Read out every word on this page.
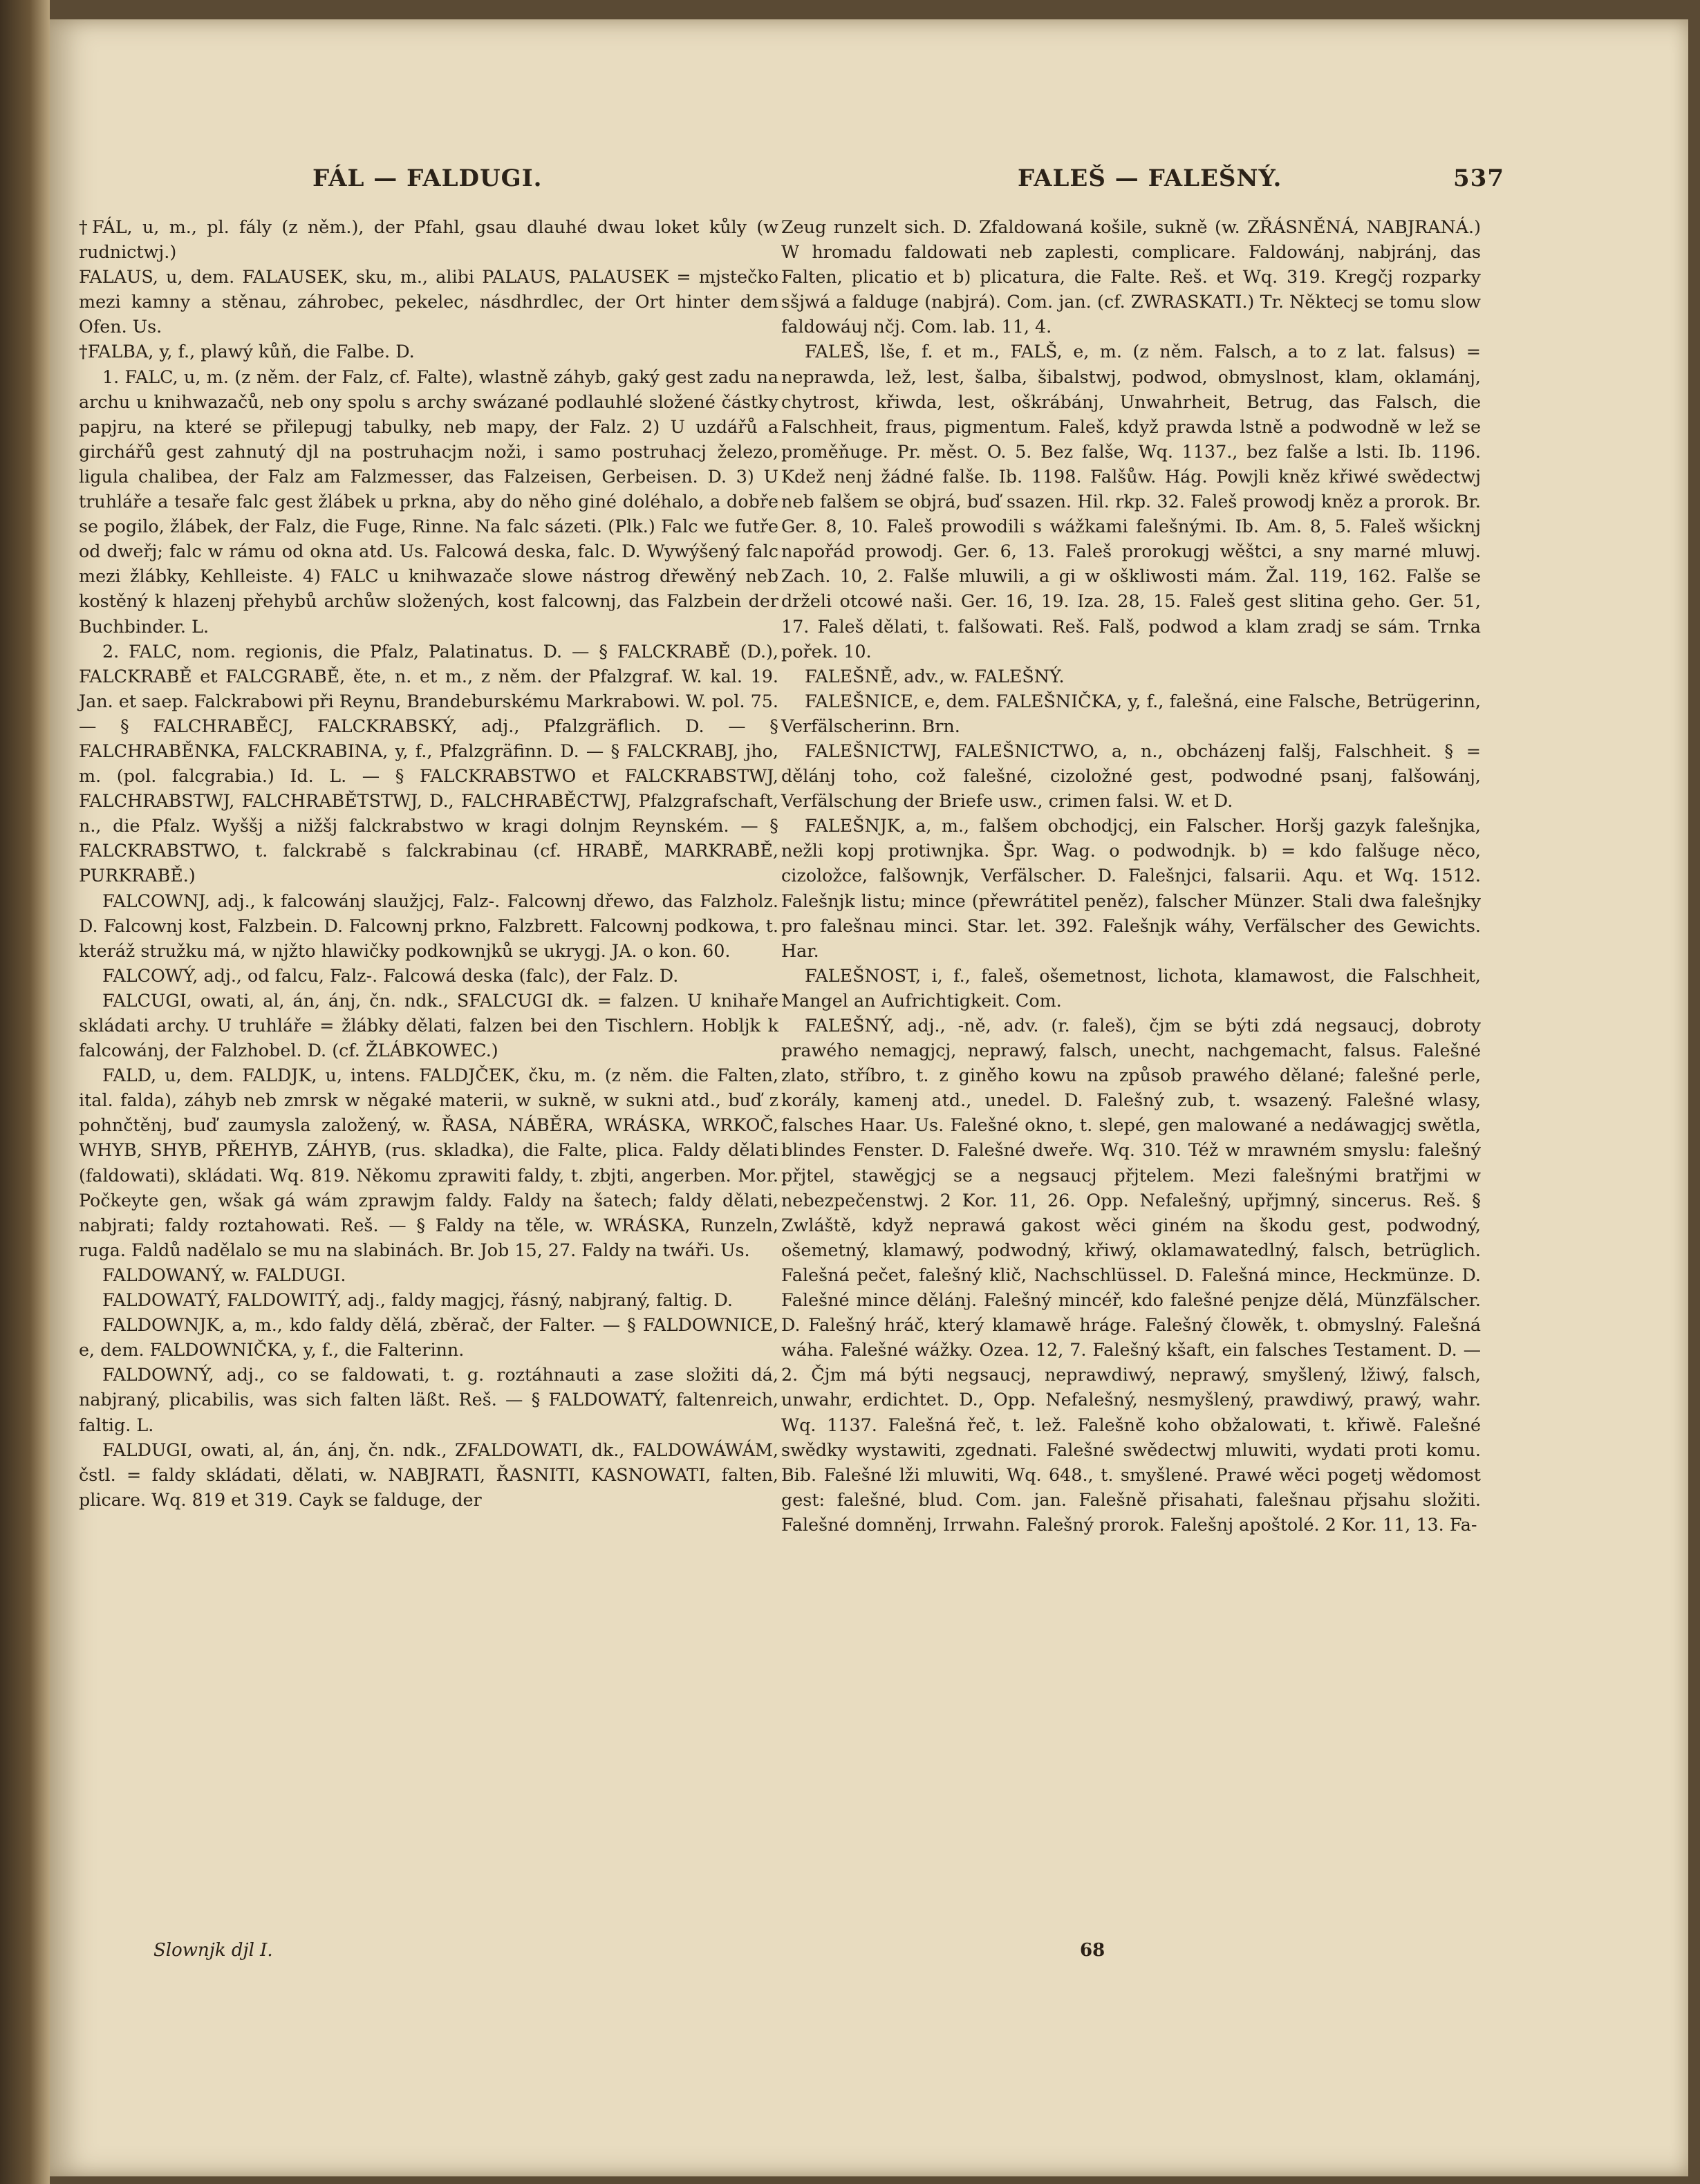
FÁL — FALDUGI.	FALEŠ — FALEŠNÝ.	537

†FÁL, u, m., pl. fály (z něm.), der Pfahl, gsau dlauhé dwau loket kůly (w rudnictwj.)

FALAUS, u, dem. FALAUSEK, sku, m., alibi PALAUS, PALAUSEK = mjstečko mezi kamny a stěnau, záhrobec, pekelec, násdhrdlec, der Ort hinter dem Ofen. Us.

†FALBA, y, f., plawý kůň, die Falbe. D.

1. FALC, u, m. (z něm. der Falz, cf. Falte), wlastně záhyb, gaký gest zadu na archu u knihwazačů, neb ony spolu s archy swázané podlauhlé složené částky papjru, na které se přilepugj tabulky, neb mapy, der Falz. 2) U uzdářů a girchářů gest zahnutý djl na postruhacjm noži, i samo postruhacj železo, ligula chalibea, der Falz am Falzmesser, das Falzeisen, Gerbeisen. D. 3) U truhláře a tesaře falc gest žlábek u prkna, aby do něho giné doléhalo, a dobře se pogilo, žlábek, der Falz, die Fuge, Rinne. Na falc sázeti. (Plk.) Falc we futře od dweřj; falc w rámu od okna atd. Us. Falcowá deska, falc. D. Wywýšený falc mezi žlábky, Kehlleiste. 4) FALC u knihwazače slowe nástrog dřewěný neb kostěný k hlazenj přehybů archůw složených, kost falcownj, das Falzbein der Buchbinder. L.

2. FALC, nom. regionis, die Pfalz, Palatinatus. D. — § FALCKRABĚ (D.), FALCKRABĚ et FALCGRABĚ, ěte, n. et m., z něm. der Pfalzgraf. W. kal. 19. Jan. et saep. Falckrabowi při Reynu, Brandeburskému Markrabowi. W. pol. 75. — § FALCHRABĚCJ, FALCKRABSKÝ, adj., Pfalzgräflich. D. — § FALCHRABĚNKA, FALCKRABINA, y, f., Pfalzgräfinn. D. — § FALCKRABJ, jho, m. (pol. falcgrabia.) Id. L. — § FALCKRABSTWO et FALCKRABSTWJ, FALCHRABSTWJ, FALCHRABĚTSTWJ, D., FALCHRABĚCTWJ, Pfalzgrafschaft, n., die Pfalz. Wyššj a nižšj falckrabstwo w kragi dolnjm Reynském. — § FALCKRABSTWO, t. falckrabě s falckrabinau (cf. HRABĚ, MARKRABĚ, PURKRABĚ.)

FALCOWNJ, adj., k falcowánj slaužjcj, Falz-. Falcownj dřewo, das Falzholz. D. Falcownj kost, Falzbein. D. Falcownj prkno, Falzbrett. Falcownj podkowa, t. kteráž stružku má, w njžto hlawičky podkownjků se ukrygj. JA. o kon. 60.

FALCOWÝ, adj., od falcu, Falz-. Falcowá deska (falc), der Falz. D.

FALCUGI, owati, al, án, ánj, čn. ndk., SFALCUGI dk. = falzen. U knihaře skládati archy. U truhláře = žlábky dělati, falzen bei den Tischlern. Hobljk k falcowánj, der Falzhobel. D. (cf. ŽLÁBKOWEC.)

FALD, u, dem. FALDJK, u, intens. FALDJČEK, čku, m. (z něm. die Falten, ital. falda), záhyb neb zmrsk w něgaké materii, w sukně, w sukni atd., buď z pohnčtěnj, buď zaumysla založený, w. ŘASA, NÁBĚRA, WRÁSKA, WRKOČ, WHYB, SHYB, PŘEHYB, ZÁHYB, (rus. skladka), die Falte, plica. Faldy dělati (faldowati), skládati. Wq. 819. Někomu zprawiti faldy, t. zbjti, angerben. Mor. Počkeyte gen, wšak gá wám zprawjm faldy. Faldy na šatech; faldy dělati, nabjrati; faldy roztahowati. Reš. — § Faldy na těle, w. WRÁSKA, Runzeln, ruga. Faldů nadělalo se mu na slabinách. Br. Job 15, 27. Faldy na twáři. Us.

FALDOWANÝ, w. FALDUGI.

FALDOWATÝ, FALDOWITÝ, adj., faldy magjcj, řásný, nabjraný, faltig. D.

FALDOWNJK, a, m., kdo faldy dělá, zběrač, der Falter. — § FALDOWNICE, e, dem. FALDOWNIČKA, y, f., die Falterinn.

FALDOWNÝ, adj., co se faldowati, t. g. roztáhnauti a zase složiti dá, nabjraný, plicabilis, was sich falten läßt. Reš. — § FALDOWATÝ, faltenreich, faltig. L.

FALDUGI, owati, al, án, ánj, čn. ndk., ZFALDOWATI, dk., FALDOWÁWÁM, čstl. = faldy skládati, dělati, w. NABJRATI, ŘASNITI, KASNOWATI, falten, plicare. Wq. 819 et 319. Cayk se falduge, der

Zeug runzelt sich. D. Zfaldowaná košile, sukně (w. ZŘÁSNĚNÁ, NABJRANÁ.) W hromadu faldowati neb zaplesti, complicare. Faldowánj, nabjránj, das Falten, plicatio et b) plicatura, die Falte. Reš. et Wq. 319. Kregčj rozparky sšjwá a falduge (nabjrá). Com. jan. (cf. ZWRASKATI.) Tr. Něktecj se tomu slow faldowáuj nčj. Com. lab. 11, 4.

FALEŠ, lše, f. et m., FALŠ, e, m. (z něm. Falsch, a to z lat. falsus) = neprawda, lež, lest, šalba, šibalstwj, podwod, obmyslnost, klam, oklamánj, chytrost, křiwda, lest, oškrábánj, Unwahrheit, Betrug, das Falsch, die Falschheit, fraus, pigmentum. Faleš, když prawda lstně a podwodně w lež se proměňuge. Pr. měst. O. 5. Bez falše, Wq. 1137., bez falše a lsti. Ib. 1196. Kdež nenj žádné falše. Ib. 1198. Falšůw. Hág. Powjli kněz křiwé swědectwj neb falšem se objrá, buď ssazen. Hil. rkp. 32. Faleš prowodj kněz a prorok. Br. Ger. 8, 10. Faleš prowodili s wážkami falešnými. Ib. Am. 8, 5. Faleš wšicknj napořád prowodj. Ger. 6, 13. Faleš prorokugj wěštci, a sny marné mluwj. Zach. 10, 2. Falše mluwili, a gi w oškliwosti mám. Žal. 119, 162. Falše se drželi otcowé naši. Ger. 16, 19. Iza. 28, 15. Faleš gest slitina geho. Ger. 51, 17. Faleš dělati, t. falšowati. Reš. Falš, podwod a klam zradj se sám. Trnka pořek. 10.

FALEŠNĚ, adv., w. FALEŠNÝ.

FALEŠNICE, e, dem. FALEŠNIČKA, y, f., falešná, eine Falsche, Betrügerinn, Verfälscherinn. Brn.

FALEŠNICTWJ, FALEŠNICTWO, a, n., obcházenj falšj, Falschheit. § = dělánj toho, což falešné, cizoložné gest, podwodné psanj, falšowánj, Verfälschung der Briefe usw., crimen falsi. W. et D.

FALEŠNJK, a, m., falšem obchodjcj, ein Falscher. Horšj gazyk falešnjka, nežli kopj protiwnjka. Špr. Wag. o podwodnjk. b) = kdo falšuge něco, cizoložce, falšownjk, Verfälscher. D. Falešnjci, falsarii. Aqu. et Wq. 1512. Falešnjk listu; mince (přewrátitel peněz), falscher Münzer. Stali dwa falešnjky pro falešnau minci. Star. let. 392. Falešnjk wáhy, Verfälscher des Gewichts. Har.

FALEŠNOST, i, f., faleš, ošemetnost, lichota, klamawost, die Falschheit, Mangel an Aufrichtigkeit. Com.

FALEŠNÝ, adj., -ně, adv. (r. faleš), čjm se býti zdá negsaucj, dobroty prawého nemagjcj, neprawý, falsch, unecht, nachgemacht, falsus. Falešné zlato, stříbro, t. z gině́ho kowu na způsob prawého dělané; falešné perle, korály, kamenj atd., unedel. D. Falešný zub, t. wsazený. Falešné wlasy, falsches Haar. Us. Falešné okno, t. slepé, gen malowané a nedáwagjcj swětla, blindes Fenster. D. Falešné dweře. Wq. 310. Též w mrawném smyslu: falešný přjtel, stawěgjcj se a negsaucj přjtelem. Mezi falešnými bratřjmi w nebezpečenstwj. 2 Kor. 11, 26. Opp. Nefalešný, upřjmný, sincerus. Reš. § Zwláště, když neprawá gakost wěci giném na škodu gest, podwodný, ošemetný, klamawý, podwodný, křiwý, oklamawatedlný, falsch, betrüglich. Falešná pečet, falešný klič, Nachschlüssel. D. Falešná mince, Heckmünze. D. Falešné mince dělánj. Falešný mincéř, kdo falešné penjze dělá, Münzfälscher. D. Falešný hráč, který klamawě hráge. Falešný člowěk, t. obmyslný. Falešná wáha. Falešné wážky. Ozea. 12, 7. Falešný kšaft, ein falsches Testament. D. — 2. Čjm má býti negsaucj, neprawdiwý, neprawý, smyšlený, lžiwý, falsch, unwahr, erdichtet. D., Opp. Nefalešný, nesmyšlený, prawdiwý, prawý, wahr. Wq. 1137. Falešná řeč, t. lež. Falešně koho obžalowati, t. křiwě. Falešné swědky wystawiti, zgednati. Falešné swědectwj mluwiti, wydati proti komu. Bib. Falešné lži mluwiti, Wq. 648., t. smyšlené. Prawé wěci pogetj wědomost gest: falešné, blud. Com. jan. Falešně přisahati, falešnau přjsahu složiti. Falešné domněnj, Irrwahn. Falešný prorok. Falešnj apoštolé. 2 Kor. 11, 13. Fa-

Slownjk djl I.	68
